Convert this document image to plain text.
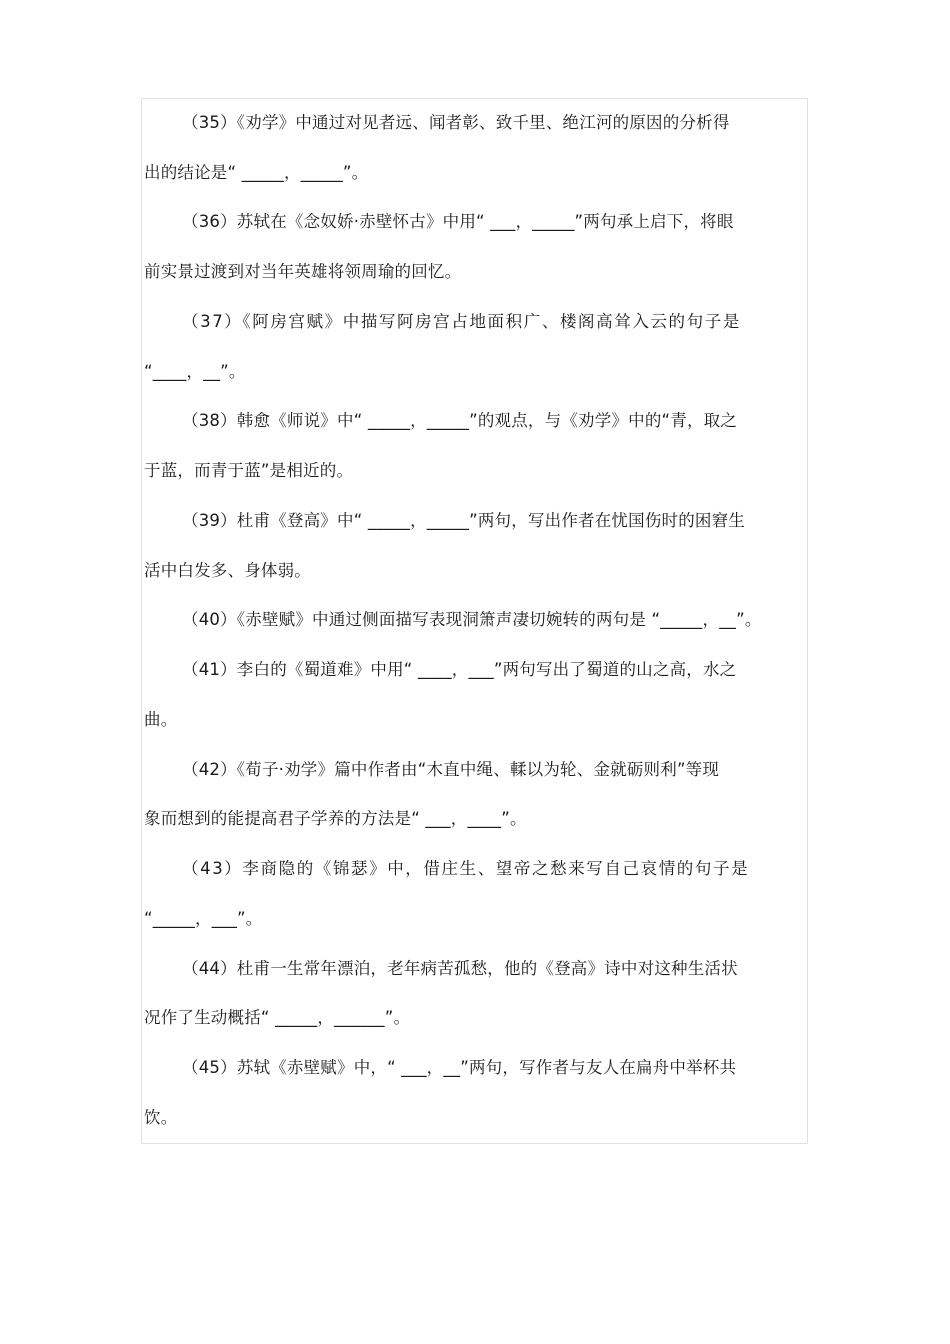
（35）《劝学》中通过对见者远、闻者彰、致千里、绝江河的原因的分析得
出的结论是“ _____，_____”。
（36）苏轼在《念奴娇·赤壁怀古》中用“ ___，_____”两句承上启下，将眼
前实景过渡到对当年英雄将领周瑜的回忆。
（37）《阿房宫赋》中描写阿房宫占地面积广、楼阁高耸入云的句子是
“____，__”。
（38）韩愈《师说》中“ _____，_____”的观点，与《劝学》中的“青，取之
于蓝，而青于蓝”是相近的。
（39）杜甫《登高》中“ _____，_____”两句，写出作者在忧国伤时的困窘生
活中白发多、身体弱。
（40）《赤壁赋》中通过侧面描写表现洞箫声凄切婉转的两句是 “_____，__”。
（41）李白的《蜀道难》中用“ ____，___”两句写出了蜀道的山之高，水之
曲。
（42）《荀子·劝学》篇中作者由“木直中绳、輮以为轮、金就砺则利”等现
象而想到的能提高君子学养的方法是“ ___，____”。
（43）李商隐的《锦瑟》中，借庄生、望帝之愁来写自己哀情的句子是
“_____，___”。
（44）杜甫一生常年漂泊，老年病苦孤愁，他的《登高》诗中对这种生活状
况作了生动概括“ _____，______”。
（45）苏轼《赤壁赋》中，“ ___，__”两句，写作者与友人在扁舟中举杯共
饮。
